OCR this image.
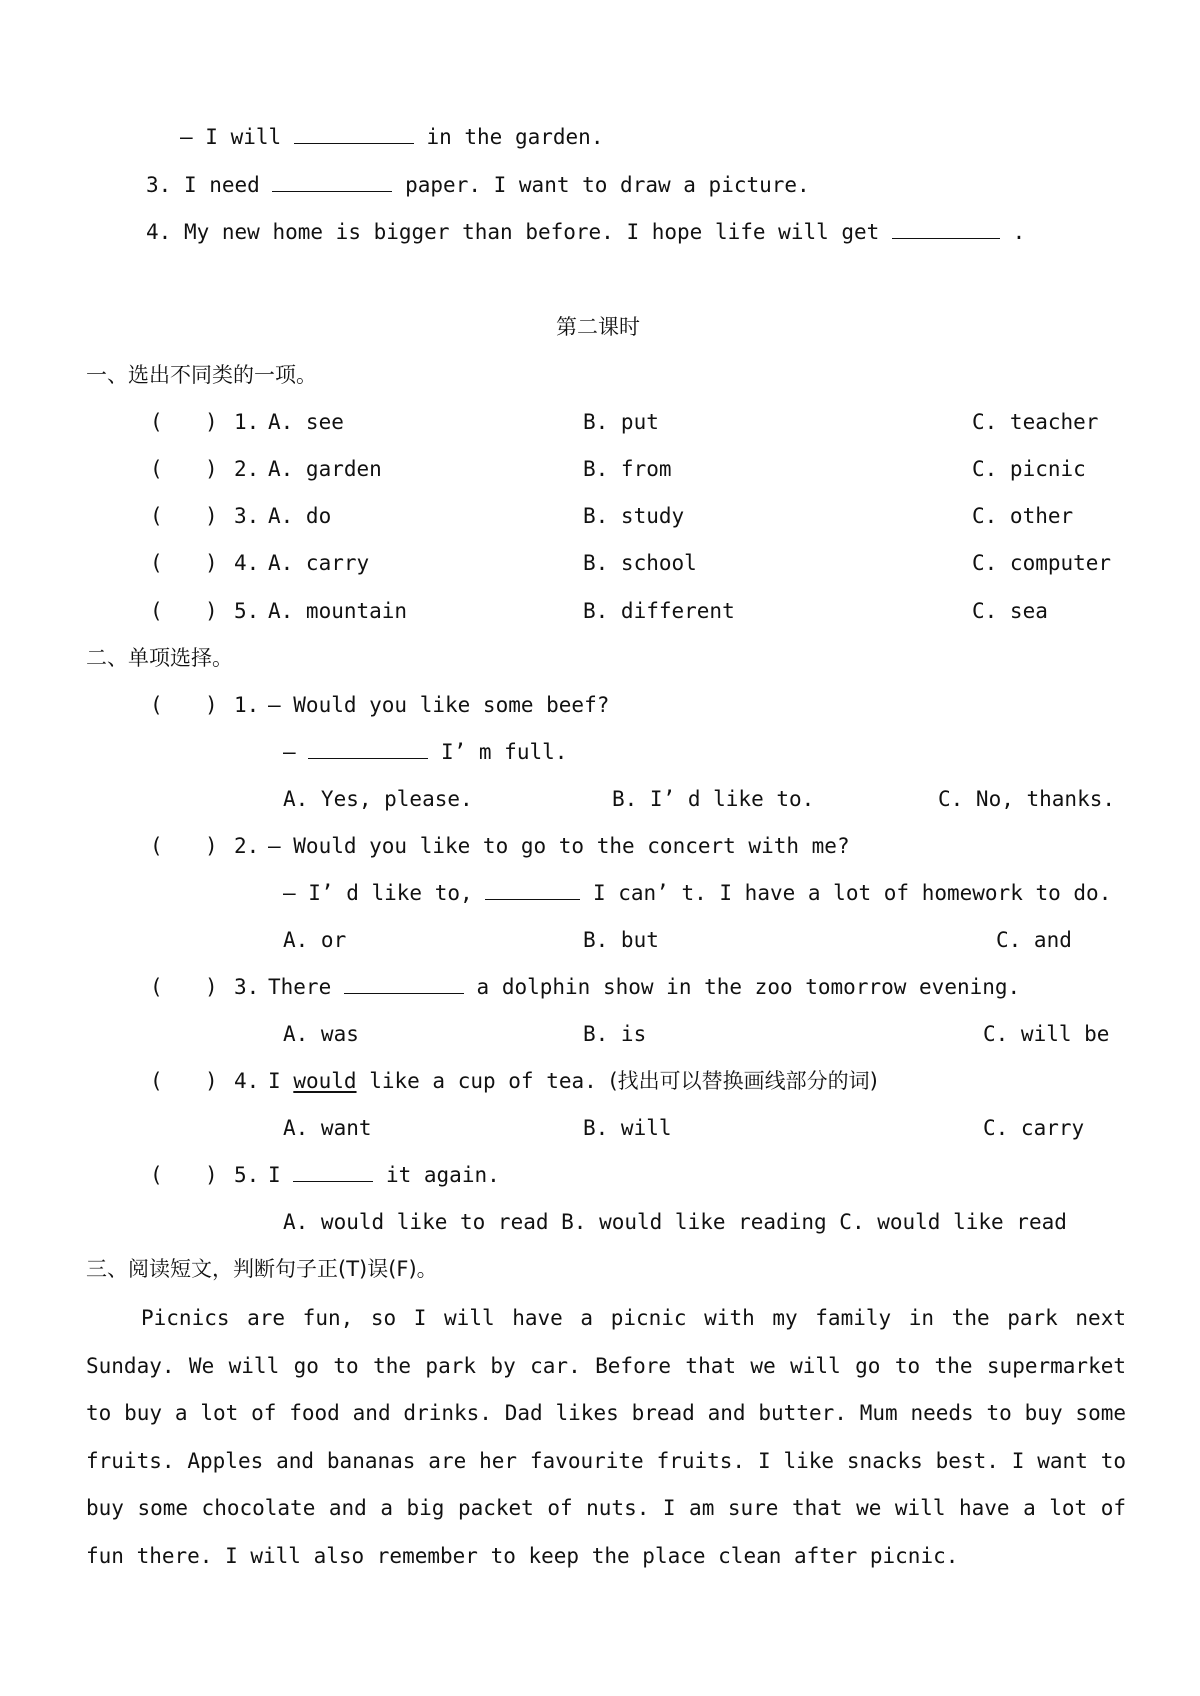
— I will	in the garden.
3. I need	paper. I want to draw a picture.
4. My new home is bigger than before. I hope life will get	.
第二课时
一、选出不同类的一项。
( ) 1. A. see	B. put	C. teacher
( ) 2. A. garden	B. from	C. picnic
( ) 3. A. do	B. study	C. other
( ) 4. A. carry	B. school	C. computer
( ) 5. A. mountain	B. different	C. sea
二、单项选择。
( ) 1. — Would you like some beef?
—	I’ m full.
A. Yes, please.	B. I’ d like to.	C. No, thanks.
( ) 2. — Would you like to go to the concert with me?
— I’ d like to,	I can’ t. I have a lot of homework to do.
A. or	B. but	C. and
( ) 3. There	a dolphin show in the zoo tomorrow evening.
A. was	B. is	C. will be
( ) 4. I would like a cup of tea. (找出可以替换画线部分的词)
A. want	B. will	C. carry
( ) 5. I	it again.
A. would like to read B. would like reading C. would like read
三、阅读短文，判断句子正(T)误(F)。
Picnics are fun, so I will have a picnic with my family in the park next Sunday. We will go to the park by car. Before that we will go to the supermarket to buy a lot of food and drinks. Dad likes bread and butter. Mum needs to buy some fruits. Apples and bananas are her favourite fruits. I like snacks best. I want to buy some chocolate and a big packet of nuts. I am sure that we will have a lot of fun there. I will also remember to keep the place clean after picnic.
